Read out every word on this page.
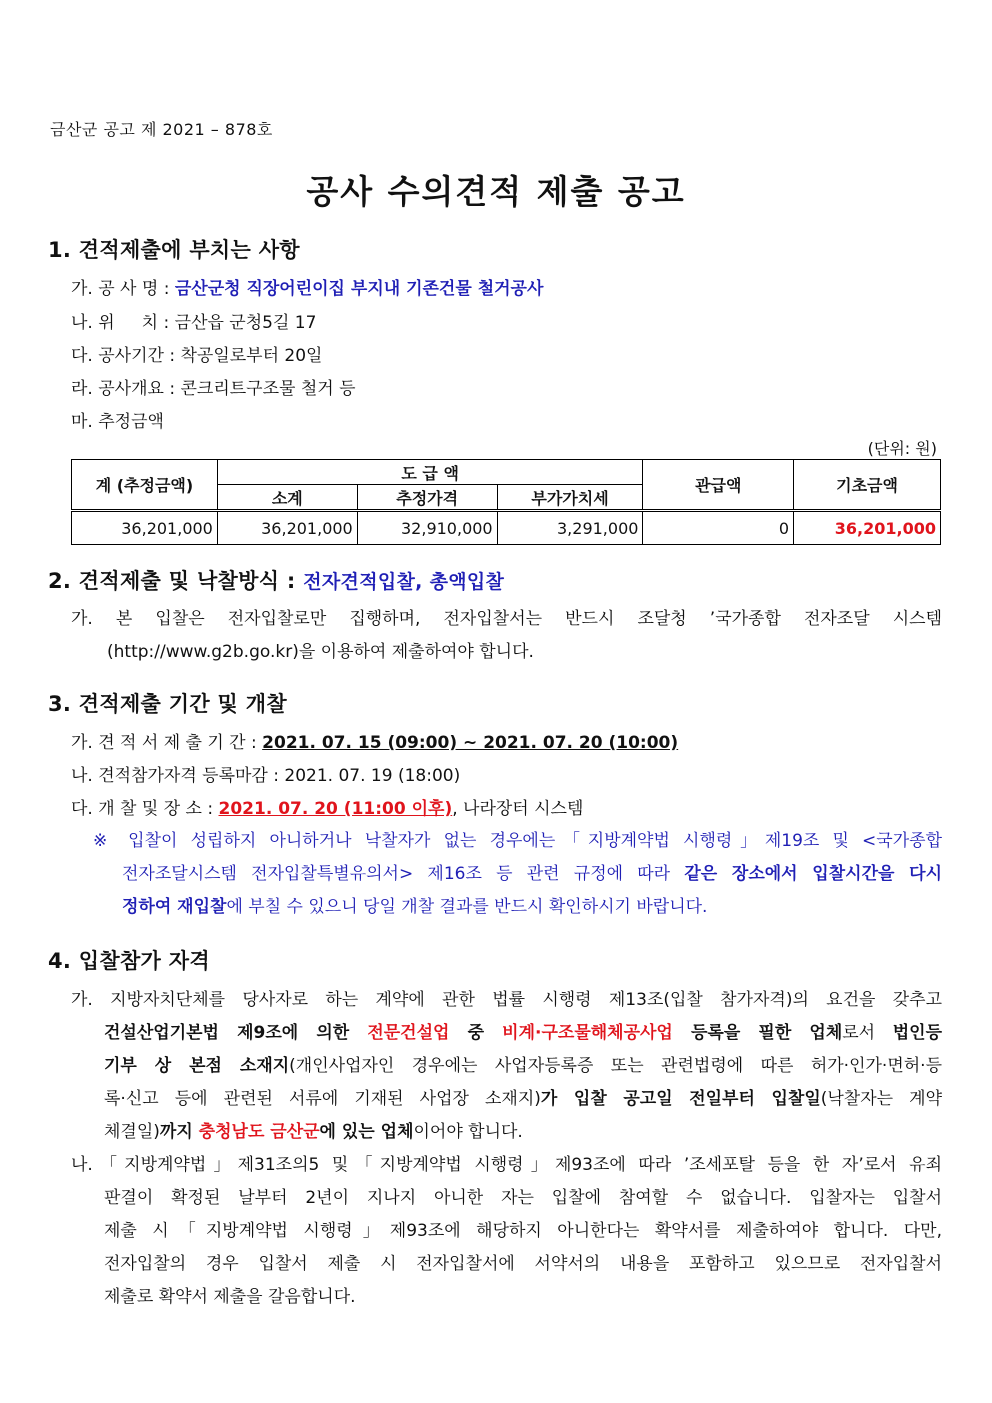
금산군 공고 제 2021 – 878호
공사 수의견적 제출 공고
1. 견적제출에 부치는 사항
가. 공 사 명 : 금산군청 직장어린이집 부지내 기존건물 철거공사
나. 위     치 : 금산읍 군청5길 17
다. 공사기간 : 착공일로부터 20일
라. 공사개요 : 콘크리트구조물 철거 등
마. 추정금액
(단위: 원)
계 (추정금액)	도 급 액			관급액	기초금액
	소계	추정가격	부가가치세		
36,201,000	36,201,000	32,910,000	3,291,000	0	36,201,000
2. 견적제출 및 낙찰방식 : 전자견적입찰, 총액입찰
가. 본 입찰은 전자입찰로만 집행하며, 전자입찰서는 반드시 조달청 ’국가종합 전자조달 시스템
(http://www.g2b.go.kr)을 이용하여 제출하여야 합니다.
3. 견적제출 기간 및 개찰
가. 견 적 서 제 출 기 간 : 2021. 07. 15 (09:00) ~ 2021. 07. 20 (10:00)
나. 견적참가자격 등록마감 : 2021. 07. 19 (18:00)
다. 개 찰 및 장 소 : 2021. 07. 20 (11:00 이후), 나라장터 시스템
※ 입찰이 성립하지 아니하거나 낙찰자가 없는 경우에는「지방계약법 시행령」제19조 및 <국가종합
전자조달시스템 전자입찰특별유의서> 제16조 등 관련 규정에 따라 같은 장소에서 입찰시간을 다시
정하여 재입찰에 부칠 수 있으니 당일 개찰 결과를 반드시 확인하시기 바랍니다.
4. 입찰참가 자격
가. 지방자치단체를 당사자로 하는 계약에 관한 법률 시행령 제13조(입찰 참가자격)의 요건을 갖추고
건설산업기본법 제9조에 의한 전문건설업 중 비계·구조물해체공사업 등록을 필한 업체로서 법인등
기부 상 본점 소재지(개인사업자인 경우에는 사업자등록증 또는 관련법령에 따른 허가·인가·면허·등
록·신고 등에 관련된 서류에 기재된 사업장 소재지)가 입찰 공고일 전일부터 입찰일(낙찰자는 계약
체결일)까지 충청남도 금산군에 있는 업체이어야 합니다.
나.「지방계약법」제31조의5 및「지방계약법 시행령」제93조에 따라 ’조세포탈 등을 한 자’로서 유죄
판결이 확정된 날부터 2년이 지나지 아니한 자는 입찰에 참여할 수 없습니다. 입찰자는 입찰서
제출 시「지방계약법 시행령」제93조에 해당하지 아니한다는 확약서를 제출하여야 합니다. 다만,
전자입찰의 경우 입찰서 제출 시 전자입찰서에 서약서의 내용을 포함하고 있으므로 전자입찰서
제출로 확약서 제출을 갈음합니다.
